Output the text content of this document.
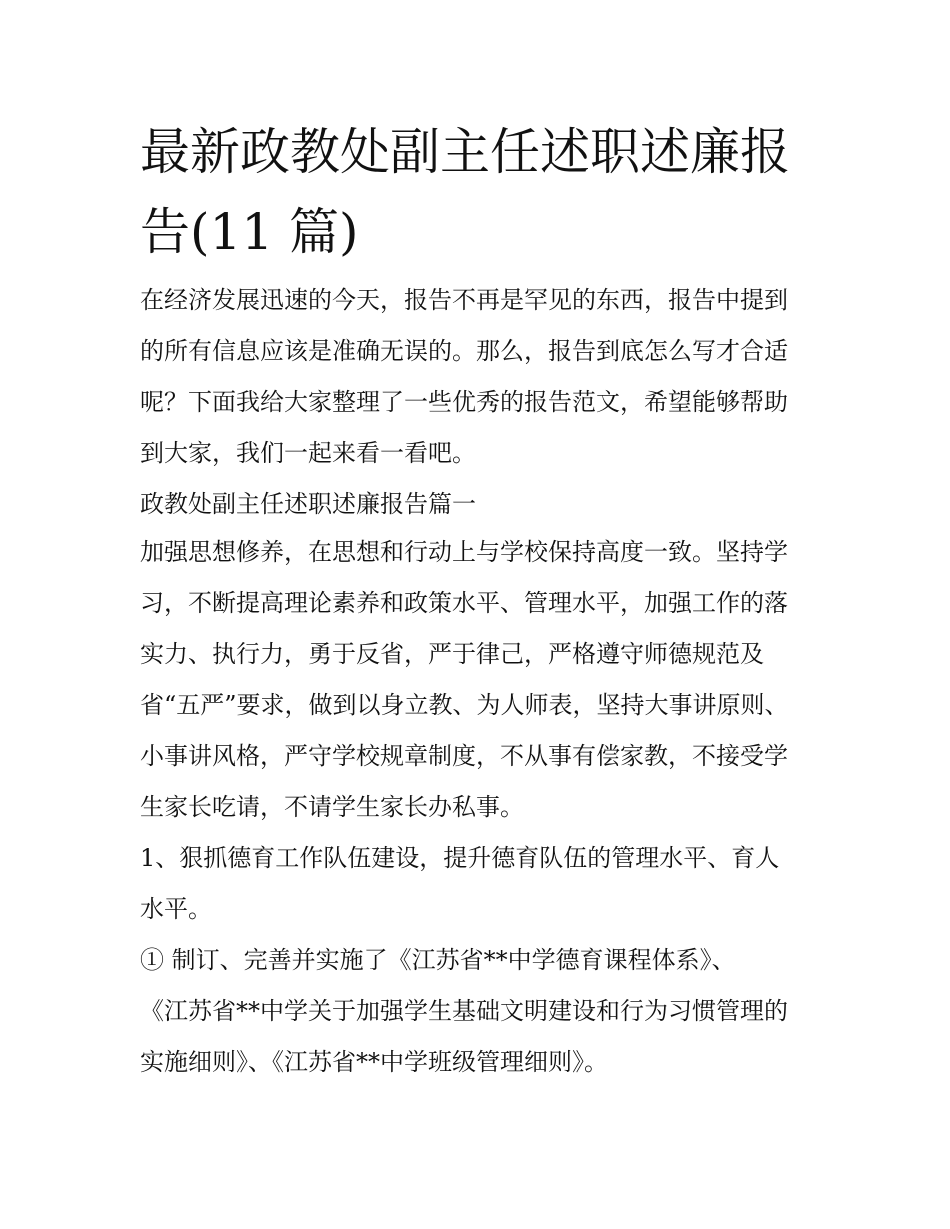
最新政教处副主任述职述廉报
告(11 篇)
在经济发展迅速的今天，报告不再是罕见的东西，报告中提到
的所有信息应该是准确无误的。那么，报告到底怎么写才合适
呢？下面我给大家整理了一些优秀的报告范文，希望能够帮助
到大家，我们一起来看一看吧。
政教处副主任述职述廉报告篇一
加强思想修养，在思想和行动上与学校保持高度一致。坚持学
习，不断提高理论素养和政策水平、管理水平，加强工作的落
实力、执行力，勇于反省，严于律己，严格遵守师德规范及
省“五严”要求，做到以身立教、为人师表，坚持大事讲原则、
小事讲风格，严守学校规章制度，不从事有偿家教，不接受学
生家长吃请，不请学生家长办私事。
1、狠抓德育工作队伍建设，提升德育队伍的管理水平、育人
水平。
① 制订、完善并实施了《江苏省**中学德育课程体系》、
《江苏省**中学关于加强学生基础文明建设和行为习惯管理的
实施细则》、《江苏省**中学班级管理细则》。
